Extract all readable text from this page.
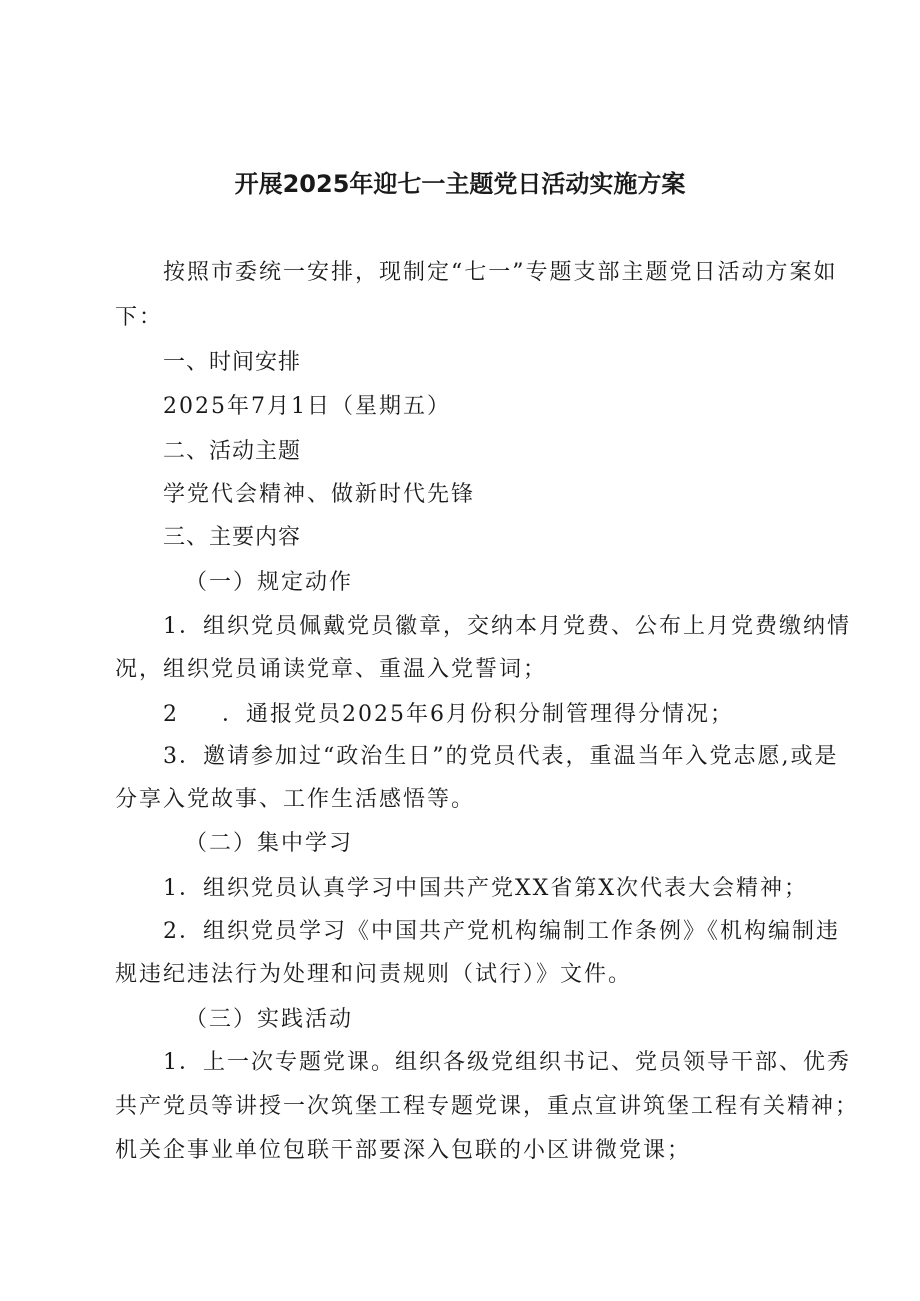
开展2025年迎七一主题党日活动实施方案
按照市委统一安排，现制定“七一”专题支部主题党日活动方案如
下：
一、时间安排
2025年7月1日（星期五）
二、活动主题
学党代会精神、做新时代先锋
三、主要内容
（一）规定动作
1．组织党员佩戴党员徽章，交纳本月党费、公布上月党费缴纳情
况，组织党员诵读党章、重温入党誓词；
2 ．通报党员2025年6月份积分制管理得分情况；
3．邀请参加过“政治生日”的党员代表，重温当年入党志愿,或是
分享入党故事、工作生活感悟等。
（二）集中学习
1．组织党员认真学习中国共产党XX省第X次代表大会精神；
2．组织党员学习《中国共产党机构编制工作条例》《机构编制违
规违纪违法行为处理和问责规则（试行）》文件。
（三）实践活动
1．上一次专题党课。组织各级党组织书记、党员领导干部、优秀
共产党员等讲授一次筑堡工程专题党课，重点宣讲筑堡工程有关精神；
机关企事业单位包联干部要深入包联的小区讲微党课；
